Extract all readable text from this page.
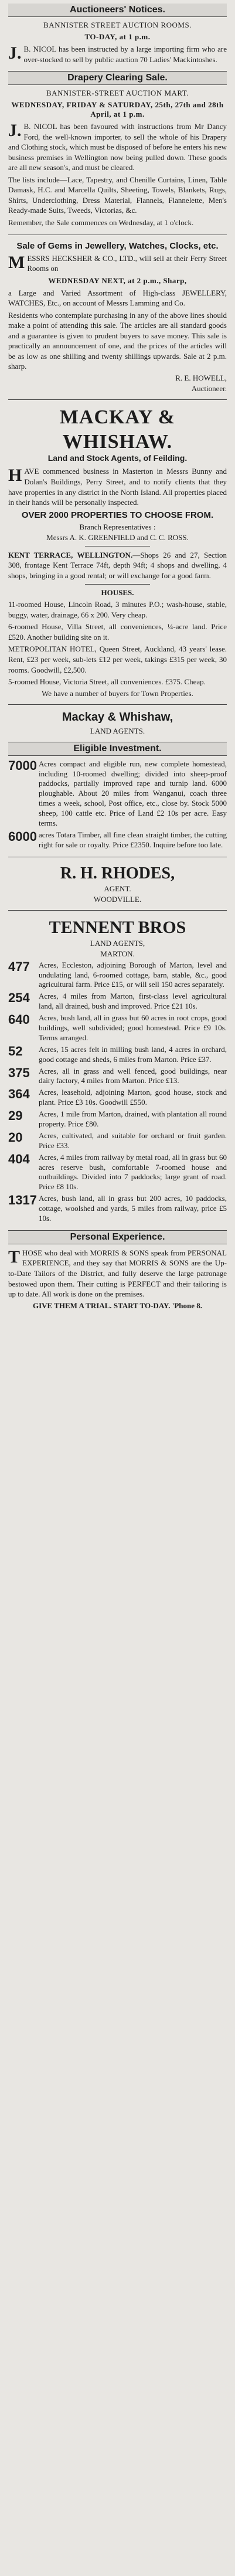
Auctioneers' Notices.
BANNISTER STREET AUCTION ROOMS.
TO-DAY, at 1 p.m.
J.B. NICOL has been instructed by a large importing firm who are over-stocked to sell by public auction 70 Ladies' Mackintoshes.
Drapery Clearing Sale.
BANNISTER-STREET AUCTION MART.
WEDNESDAY, FRIDAY & SATURDAY, 25th, 27th and 28th April, at 1 p.m.
J.B. NICOL has been favoured with instructions from Mr Dancy Ford, the well-known importer, to sell the whole of his Drapery and Clothing stock, which must be disposed of before he enters his new business premises in Wellington now being pulled down. These goods are all new season's, and must be cleared.
The lists include—Lace, Tapestry, and Chenille Curtains, Linen, Table Damask, H.C. and Marcella Quilts, Sheeting, Towels, Blankets, Rugs, Shirts, Underclothing, Dress Material, Flannels, Flannelette, Men's Ready-made Suits, Tweeds, Victorias, &c.
Remember, the Sale commences on Wednesday, at 1 o'clock.
Sale of Gems in Jewellery, Watches, Clocks, etc.
MESSRS HECKSHER & CO., LTD., will sell at their Ferry Street Rooms on
WEDNESDAY NEXT, at 2 p.m., Sharp,
a Large and Varied Assortment of High-class JEWELLERY, WATCHES, Etc., on account of Messrs Lamming and Co.
Residents who contemplate purchasing in any of the above lines should make a point of attending this sale. The articles are all standard goods and a guarantee is given to prudent buyers to save money. This sale is practically an announcement of one, and the prices of the articles will be as low as one shilling and twenty shillings upwards. Sale at 2 p.m. sharp.
R. E. HOWELL,
Auctioneer.
MACKAY &
WHISHAW.
Land and Stock Agents, of Feilding.
HAVE commenced business in Masterton in Messrs Bunny and Dolan's Buildings, Perry Street, and to notify clients that they have properties in any district in the North Island. All properties placed in their hands will be personally inspected.
OVER 2000 PROPERTIES TO CHOOSE FROM.
Branch Representatives :
Messrs A. K. GREENFIELD and C. C. ROSS.
KENT TERRACE, WELLINGTON.—Shops 26 and 27, Section 308, frontage Kent Terrace 74ft, depth 94ft; 4 shops and dwelling, 4 shops, bringing in a good rental; or will exchange for a good farm.
HOUSES.
11-roomed House, Lincoln Road, 3 minutes P.O.; wash-house, stable, buggy, water, drainage, 66 x 200. Very cheap.
6-roomed House, Villa Street, all conveniences, ¼-acre land. Price £520. Another building site on it.
METROPOLITAN HOTEL, Queen Street, Auckland, 43 years' lease. Rent, £23 per week, sub-lets £12 per week, takings £315 per week, 30 rooms. Goodwill, £2,500.
5-roomed House, Victoria Street, all conveniences. £375. Cheap.
We have a number of buyers for Town Properties.
Mackay & Whishaw,
LAND AGENTS.
Eligible Investment.
7000 Acres compact and eligible run, new complete homestead, including 10-roomed dwelling; divided into sheep-proof paddocks, partially improved rape and turnip land. 6000 ploughable. About 20 miles from Wanganui, coach three times a week, school, Post office, etc., close by. Stock 5000 sheep, 100 cattle etc. Price of Land £2 10s per acre. Easy terms.
6000 acres Totara Timber, all fine clean straight timber, the cutting right for sale or royalty. Price £2350. Inquire before too late.
R. H. RHODES,
AGENT.
WOODVILLE.
TENNENT BROS
LAND AGENTS,
MARTON.
477	Acres, Eccleston, adjoining Borough of Marton, level and undulating land, 6-roomed cottage, barn, stable, &c., good agricultural farm. Price £15, or will sell 150 acres separately.
254	Acres, 4 miles from Marton, first-class level agricultural land, all drained, bush and improved. Price £21 10s.
640	Acres, bush land, all in grass but 60 acres in root crops, good buildings, well subdivided; good homestead. Price £9 10s. Terms arranged.
52	Acres, 15 acres felt in milling bush land, 4 acres in orchard, good cottage and sheds, 6 miles from Marton. Price £37.
375	Acres, all in grass and well fenced, good buildings, near dairy factory, 4 miles from Marton. Price £13.
364	Acres, leasehold, adjoining Marton, good house, stock and plant. Price £3 10s. Goodwill £550.
29	Acres, 1 mile from Marton, drained, with plantation all round property. Price £80.
20	Acres, cultivated, and suitable for orchard or fruit garden. Price £33.
404	Acres, 4 miles from railway by metal road, all in grass but 60 acres reserve bush, comfortable 7-roomed house and outbuildings. Divided into 7 paddocks; large grant of road. Price £8 10s.
1317 Acres, bush land, all in grass but 200 acres, 10 paddocks, cottage, woolshed and yards, 5 miles from railway, price £5 10s.
Personal Experience.
THOSE who deal with MORRIS & SONS speak from PERSONAL EXPERIENCE, and they say that MORRIS & SONS are the Up-to-Date Tailors of the District, and fully deserve the large patronage bestowed upon them. Their cutting is PERFECT and their tailoring is up to date. All work is done on the premises.
GIVE THEM A TRIAL. START TO-DAY. 'Phone 8.
